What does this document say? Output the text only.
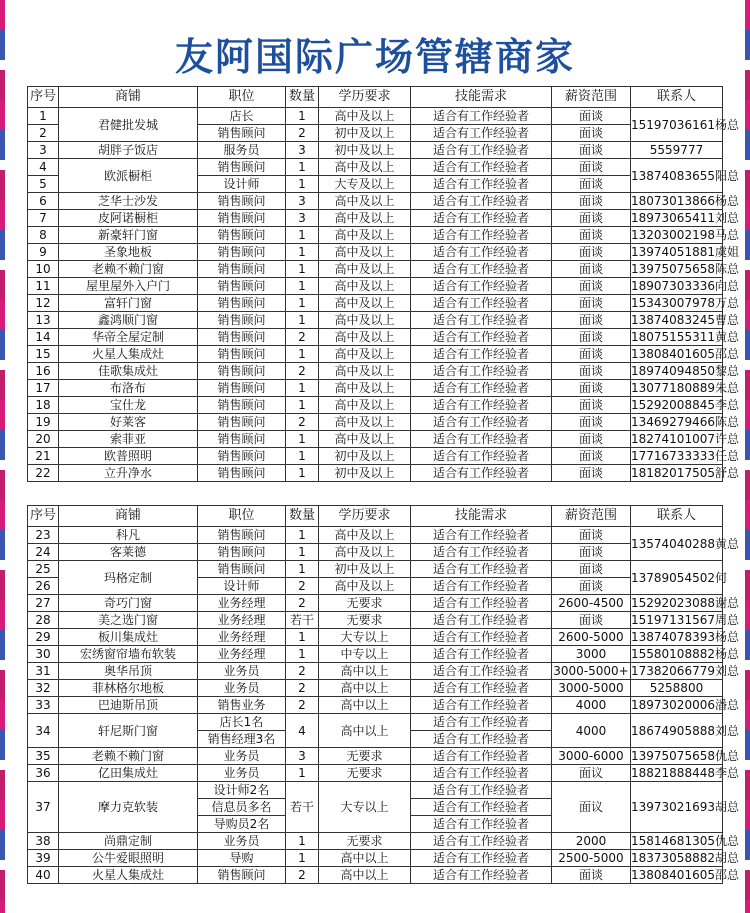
友阿国际广场管辖商家
序号	商铺	职位	数量	学历要求	技能需求	薪资范围	联系人
1	君健批发城	店长	1	高中及以上	适合有工作经验者	面谈	15197036161杨总
2		销售顾问	2	初中及以上	适合有工作经验者	面谈	
3	胡胖子饭店	服务员	3	初中及以上	适合有工作经验者	面谈	5559777
4	欧派橱柜	销售顾问	1	高中及以上	适合有工作经验者	面谈	13874083655阳总
5		设计师	1	大专及以上	适合有工作经验者	面谈	
6	芝华士沙发	销售顾问	3	高中及以上	适合有工作经验者	面谈	18073013866杨总
7	皮阿诺橱柜	销售顾问	3	高中及以上	适合有工作经验者	面谈	18973065411刘总
8	新豪轩门窗	销售顾问	1	高中及以上	适合有工作经验者	面谈	13203002198马总
9	圣象地板	销售顾问	1	高中及以上	适合有工作经验者	面谈	13974051881虞姐
10	老赖不赖门窗	销售顾问	1	高中及以上	适合有工作经验者	面谈	13975075658陈总
11	屋里屋外入户门	销售顾问	1	高中及以上	适合有工作经验者	面谈	18907303336向总
12	富轩门窗	销售顾问	1	高中及以上	适合有工作经验者	面谈	15343007978万总
13	鑫鸿顺门窗	销售顾问	1	高中及以上	适合有工作经验者	面谈	13874083245曹总
14	华帝全屋定制	销售顾问	2	高中及以上	适合有工作经验者	面谈	18075155311黄总
15	火星人集成灶	销售顾问	1	高中及以上	适合有工作经验者	面谈	13808401605邵总
16	佳歌集成灶	销售顾问	2	高中及以上	适合有工作经验者	面谈	18974094850黎总
17	布洛布	销售顾问	1	高中及以上	适合有工作经验者	面谈	13077180889朱总
18	宝仕龙	销售顾问	1	高中及以上	适合有工作经验者	面谈	15292008845李总
19	好莱客	销售顾问	2	高中及以上	适合有工作经验者	面谈	13469279466陈总
20	索菲亚	销售顾问	1	高中及以上	适合有工作经验者	面谈	18274101007许总
21	欧普照明	销售顾问	1	初中及以上	适合有工作经验者	面谈	17716733333任总
22	立升净水	销售顾问	1	初中及以上	适合有工作经验者	面谈	18182017505舒总
序号	商铺	职位	数量	学历要求	技能需求	薪资范围	联系人
23	科凡	销售顾问	1	高中及以上	适合有工作经验者	面谈	13574040288黄总
24	客莱德	销售顾问	1	高中及以上	适合有工作经验者	面谈	
25	玛格定制	销售顾问	1	初中及以上	适合有工作经验者	面谈	13789054502何
26		设计师	2	高中及以上	适合有工作经验者	面谈	
27	奇巧门窗	业务经理	2	无要求	适合有工作经验者	2600-4500	15292023088谢总
28	美之选门窗	业务经理	若干	无要求	适合有工作经验者	面谈	15197131567周总
29	板川集成灶	业务经理	1	大专以上	适合有工作经验者	2600-5000	13874078393杨总
30	宏绣窗帘墙布软装	业务经理	1	中专以上	适合有工作经验者	3000	15580108882杨总
31	奥华吊顶	业务员	2	高中以上	适合有工作经验者	3000-5000+	17382066779刘总
32	菲林格尔地板	业务员	2	高中以上	适合有工作经验者	3000-5000	5258800
33	巴迪斯吊顶	销售业务	2	高中以上	适合有工作经验者	4000	18973020006潘总
34	轩尼斯门窗	店长1名	4	高中以上	适合有工作经验者	4000	18674905888刘总
		销售经理3名			适合有工作经验者		
35	老赖不赖门窗	业务员	3	无要求	适合有工作经验者	3000-6000	13975075658仇总
36	亿田集成灶	业务员	1	无要求	适合有工作经验者	面议	18821888448李总
37	摩力克软装	设计师2名	若干	大专以上	适合有工作经验者	面议	13973021693胡总
		信息员多名			适合有工作经验者		
		导购员2名			适合有工作经验者		
38	尚鼎定制	业务员	1	无要求	适合有工作经验者	2000	15814681305仇总
39	公牛爱眼照明	导购	1	高中以上	适合有工作经验者	2500-5000	18373058882胡总
40	火星人集成灶	销售顾问	2	高中以上	适合有工作经验者	面谈	13808401605邵总
